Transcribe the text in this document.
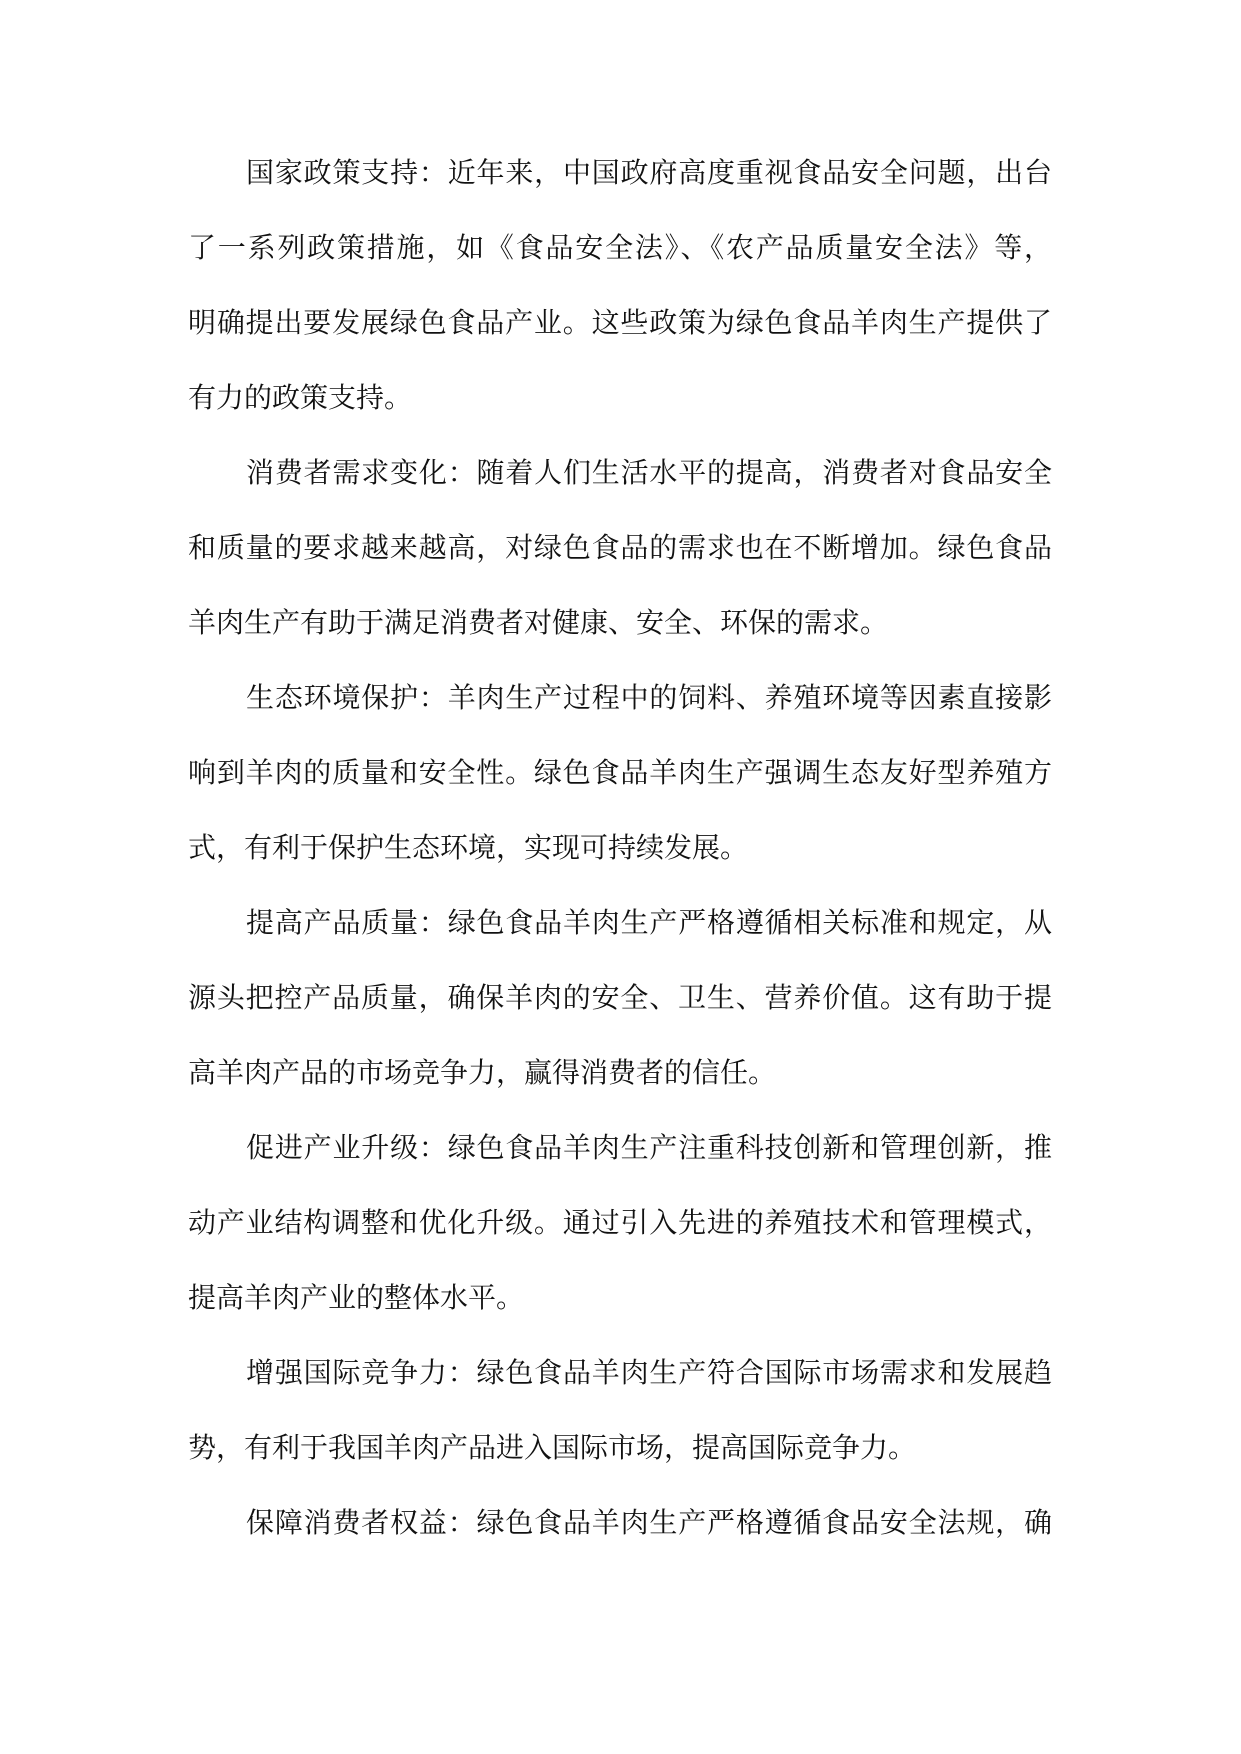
国家政策支持：近年来，中国政府高度重视食品安全问题，出台
了一系列政策措施，如《食品安全法》、《农产品质量安全法》等，
明确提出要发展绿色食品产业。这些政策为绿色食品羊肉生产提供了
有力的政策支持。
消费者需求变化：随着人们生活水平的提高，消费者对食品安全
和质量的要求越来越高，对绿色食品的需求也在不断增加。绿色食品
羊肉生产有助于满足消费者对健康、安全、环保的需求。
生态环境保护：羊肉生产过程中的饲料、养殖环境等因素直接影
响到羊肉的质量和安全性。绿色食品羊肉生产强调生态友好型养殖方
式，有利于保护生态环境，实现可持续发展。
提高产品质量：绿色食品羊肉生产严格遵循相关标准和规定，从
源头把控产品质量，确保羊肉的安全、卫生、营养价值。这有助于提
高羊肉产品的市场竞争力，赢得消费者的信任。
促进产业升级：绿色食品羊肉生产注重科技创新和管理创新，推
动产业结构调整和优化升级。通过引入先进的养殖技术和管理模式，
提高羊肉产业的整体水平。
增强国际竞争力：绿色食品羊肉生产符合国际市场需求和发展趋
势，有利于我国羊肉产品进入国际市场，提高国际竞争力。
保障消费者权益：绿色食品羊肉生产严格遵循食品安全法规，确
